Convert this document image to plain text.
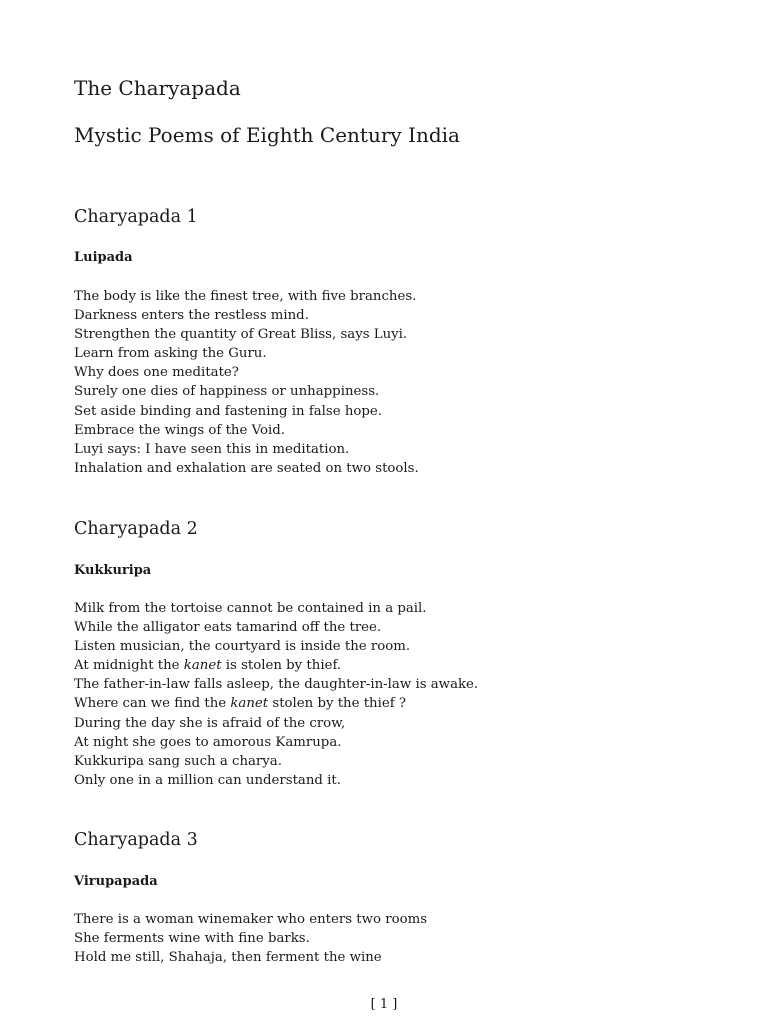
The Charyapada
Mystic Poems of Eighth Century India
Charyapada 1
Luipada
The body is like the finest tree, with five branches.
Darkness enters the restless mind.
Strengthen the quantity of Great Bliss, says Luyi.
Learn from asking the Guru.
Why does one meditate?
Surely one dies of happiness or unhappiness.
Set aside binding and fastening in false hope.
Embrace the wings of the Void.
Luyi says: I have seen this in meditation.
Inhalation and exhalation are seated on two stools.
Charyapada 2
Kukkuripa
Milk from the tortoise cannot be contained in a pail.
While the alligator eats tamarind off the tree.
Listen musician, the courtyard is inside the room.
At midnight the kanet is stolen by thief.
The father-in-law falls asleep, the daughter-in-law is awake.
Where can we find the kanet stolen by the thief ?
During the day she is afraid of the crow,
At night she goes to amorous Kamrupa.
Kukkuripa sang such a charya.
Only one in a million can understand it.
Charyapada 3
Virupapada
There is a woman winemaker who enters two rooms
She ferments wine with fine barks.
Hold me still, Shahaja, then ferment the wine
[ 1 ]
